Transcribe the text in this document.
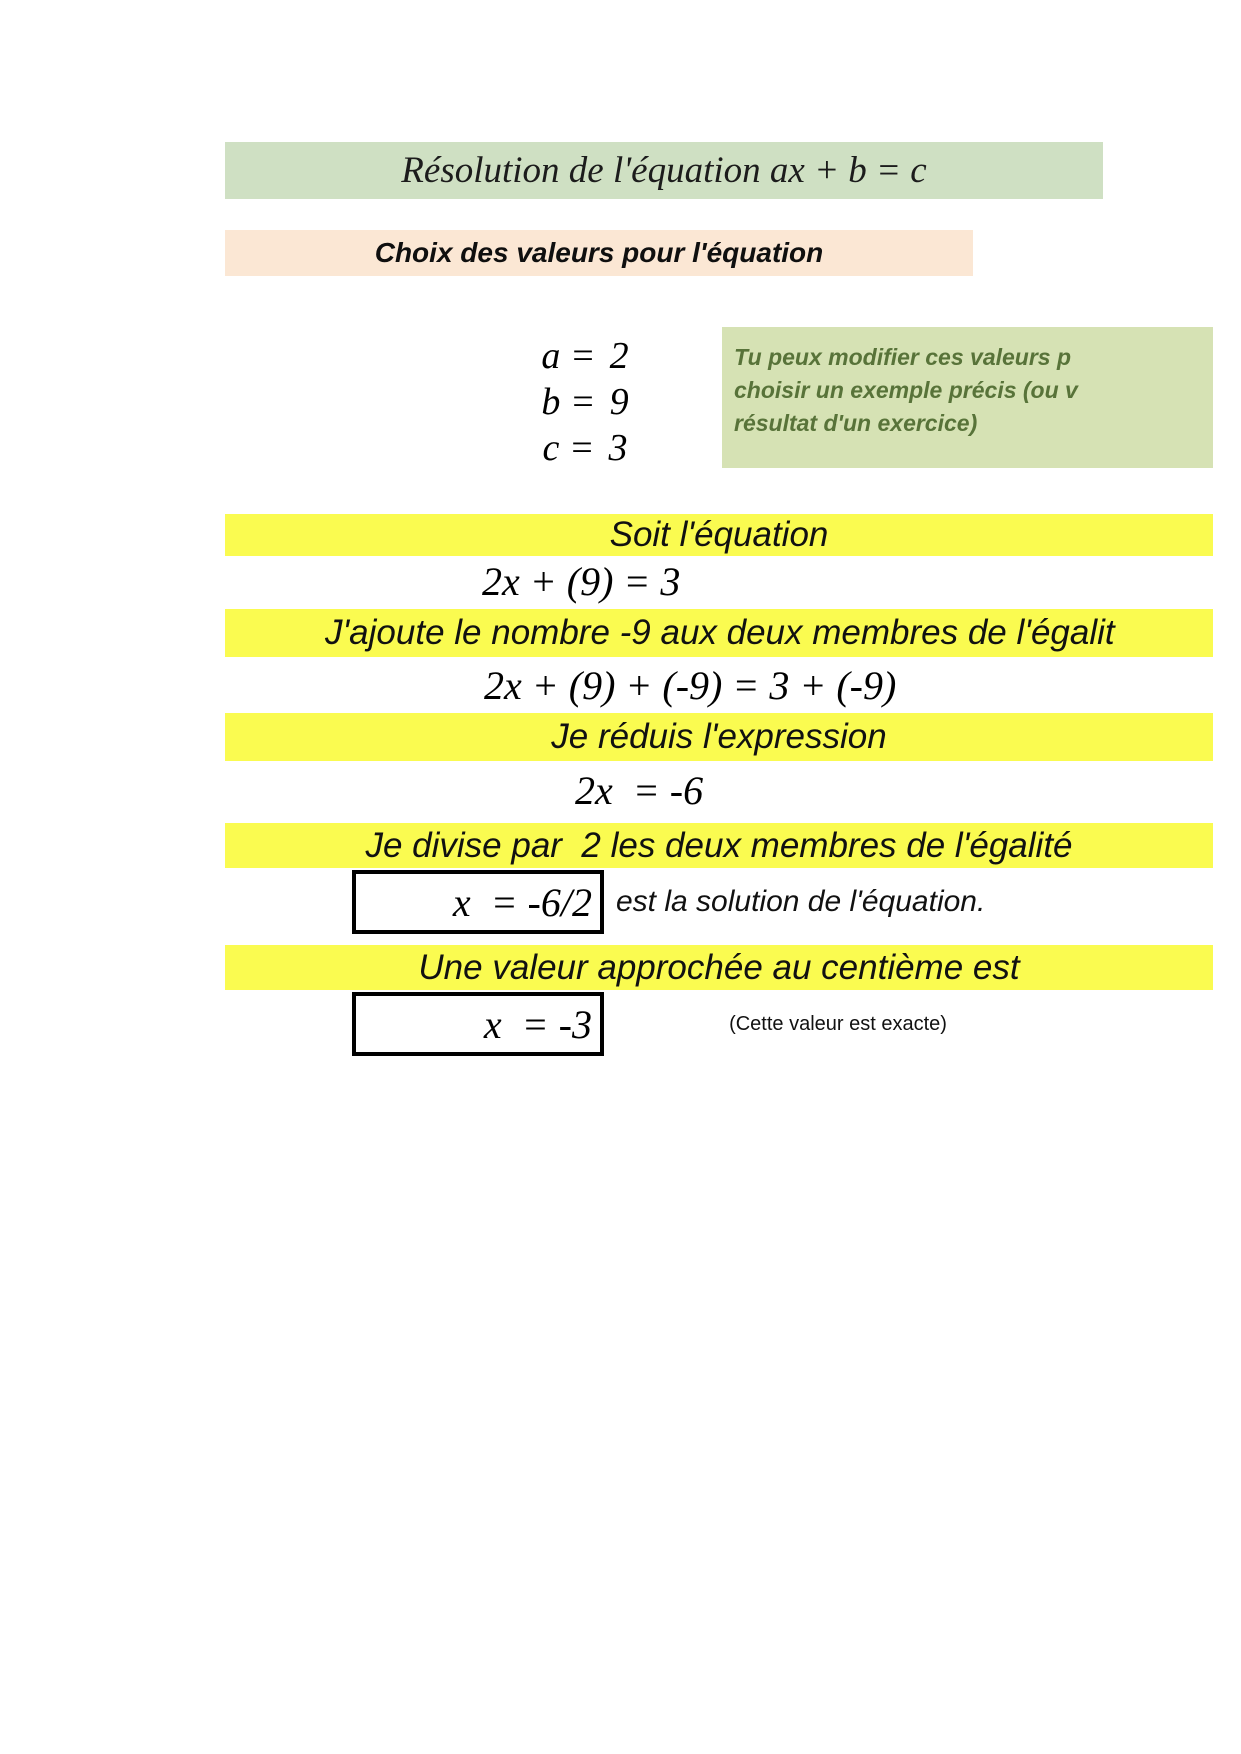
Résolution de l'équation ax + b = c
Choix des valeurs pour l'équation
a = 2
b = 9
c = 3
Tu peux modifier ces valeurs p
choisir un exemple précis (ou v
résultat d'un exercice)
Soit l'équation
2x + (9) = 3
J'ajoute le nombre -9 aux deux membres de l'égalit
2x + (9) + (-9) = 3 + (-9)
Je réduis l'expression
2x  = -6
Je divise par  2 les deux membres de l'égalité
x  = -6/2 est la solution de l'équation.
Une valeur approchée au centième est
x  = -3	(Cette valeur est exacte)
